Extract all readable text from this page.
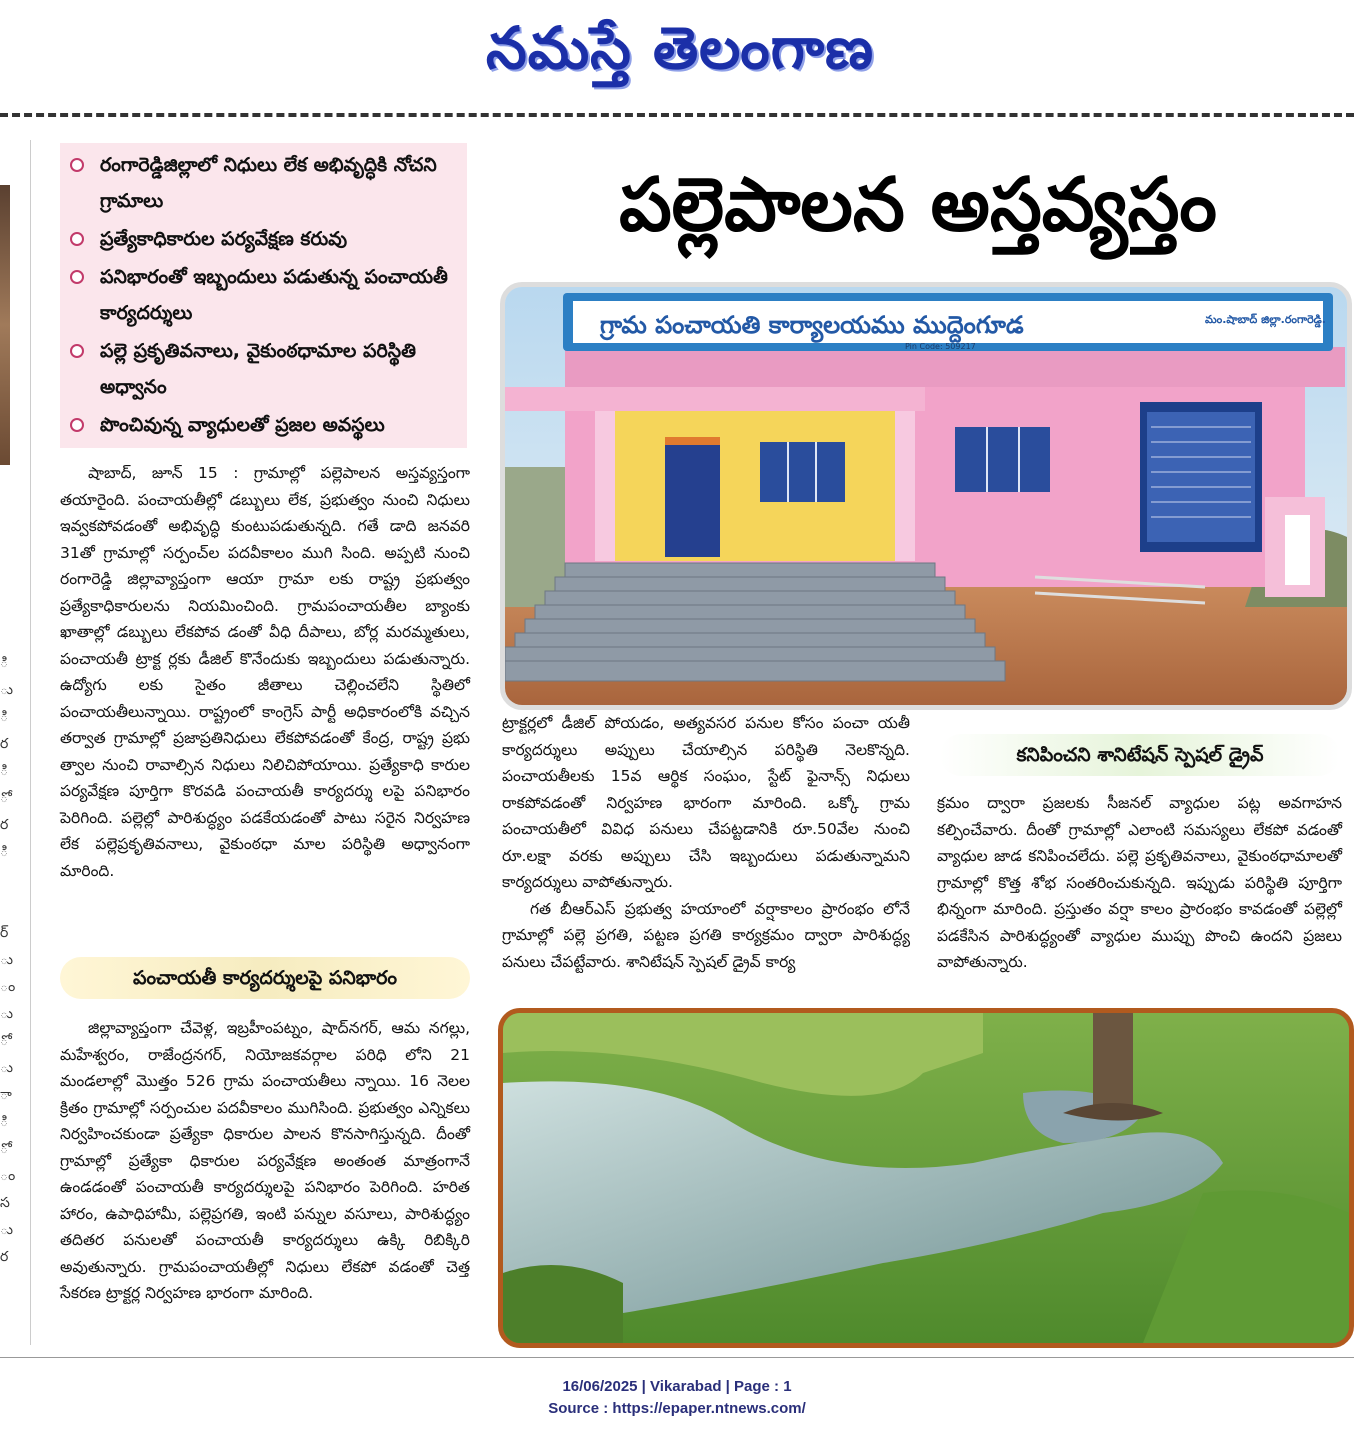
నమస్తే తెలంగాణ
ి
ు
ి
ర
ి
ో
ర
ి

ర్
ు
ం
ు
ో
ు
ా
ి
ో
ం
స
ు
ర
రంగారెడ్డిజిల్లాలో నిధులు లేక అభివృద్ధికి నోచని గ్రామాలు
ప్రత్యేకాధికారుల పర్యవేక్షణ కరువు
పనిభారంతో ఇబ్బందులు పడుతున్న పంచాయతీ కార్యదర్శులు
పల్లె ప్రకృతివనాలు, వైకుంఠధామాల పరిస్థితి అధ్వానం
పొంచివున్న వ్యాధులతో ప్రజల అవస్థలు
పల్లెపాలన అస్తవ్యస్తం
గ్రామ పంచాయతి కార్యాలయము ముద్దెంగూడ	మం.షాబాద్ జిల్లా.రంగారెడ్డి.
Pin Code: 509217

షాబాద్, జూన్ 15 : గ్రామాల్లో పల్లెపాలన అస్తవ్యస్తంగా తయారైంది. పంచాయతీల్లో డబ్బులు లేక, ప్రభుత్వం నుంచి నిధులు ఇవ్వకపోవడంతో అభివృద్ధి కుంటుపడుతున్నది. గతే డాది జనవరి 31తో గ్రామాల్లో సర్పంచ్‌ల పదవీకాలం ముగి సింది. అప్పటి నుంచి రంగారెడ్డి జిల్లావ్యాప్తంగా ఆయా గ్రామా లకు రాష్ట్ర ప్రభుత్వం ప్రత్యేకాధికారులను నియమించింది. గ్రామపంచాయతీల బ్యాంకు ఖాతాల్లో డబ్బులు లేకపోవ డంతో వీధి దీపాలు, బోర్ల మరమ్మతులు, పంచాయతీ ట్రాక్ట ర్లకు డీజిల్ కొనేందుకు ఇబ్బందులు పడుతున్నారు. ఉద్యోగు లకు సైతం జీతాలు చెల్లించలేని స్థితిలో పంచాయతీలున్నాయి. రాష్ట్రంలో కాంగ్రెస్ పార్టీ అధికారంలోకి వచ్చిన తర్వాత గ్రామాల్లో ప్రజాప్రతినిధులు లేకపోవడంతో కేంద్ర, రాష్ట్ర ప్రభు త్వాల నుంచి రావాల్సిన నిధులు నిలిచిపోయాయి. ప్రత్యేకాధి కారుల పర్యవేక్షణ పూర్తిగా కొరవడి పంచాయతీ కార్యదర్శు లపై పనిభారం పెరిగింది. పల్లెల్లో పారిశుద్ధ్యం పడకేయడంతో పాటు సరైన నిర్వహణ లేక పల్లెప్రకృతివనాలు, వైకుంఠధా మాల పరిస్థితి అధ్వానంగా మారింది.

పంచాయతీ కార్యదర్శులపై పనిభారం

జిల్లావ్యాప్తంగా చేవెళ్ల, ఇబ్రహీంపట్నం, షాద్‌నగర్, ఆమ నగల్లు, మహేశ్వరం, రాజేంద్రనగర్, నియోజకవర్గాల పరిధి లోని 21 మండలాల్లో మొత్తం 526 గ్రామ పంచాయతీలు న్నాయి. 16 నెలల క్రితం గ్రామాల్లో సర్పంచుల పదవీకాలం ముగిసింది. ప్రభుత్వం ఎన్నికలు నిర్వహించకుండా ప్రత్యేకా ధికారుల పాలన కొనసాగిస్తున్నది. దీంతో గ్రామాల్లో ప్రత్యేకా ధికారుల పర్యవేక్షణ అంతంత మాత్రంగానే ఉండడంతో పంచాయతీ కార్యదర్శులపై పనిభారం పెరిగింది. హరిత హారం, ఉపాధిహామీ, పల్లెప్రగతి, ఇంటి పన్నుల వసూలు, పారిశుద్ధ్యం తదితర పనులతో పంచాయతీ కార్యదర్శులు ఉక్కి రిబిక్కిరి అవుతున్నారు. గ్రామపంచాయతీల్లో నిధులు లేకపో వడంతో చెత్త సేకరణ ట్రాక్టర్ల నిర్వహణ భారంగా మారింది.

ట్రాక్టర్లలో డీజిల్ పోయడం, అత్యవసర పనుల కోసం పంచా యతీ కార్యదర్శులు అప్పులు చేయాల్సిన పరిస్థితి నెలకొన్నది. పంచాయతీలకు 15వ ఆర్థిక సంఘం, స్టేట్ ఫైనాన్స్ నిధులు రాకపోవడంతో నిర్వహణ భారంగా మారింది. ఒక్కో గ్రామ పంచాయతీలో వివిధ పనులు చేపట్టడానికి రూ.50వేల నుంచి రూ.లక్షా వరకు అప్పులు చేసి ఇబ్బందులు పడుతున్నామని కార్యదర్శులు వాపోతున్నారు.

గత బీఆర్‌ఎస్ ప్రభుత్వ హయాంలో వర్షాకాలం ప్రారంభం లోనే గ్రామాల్లో పల్లె ప్రగతి, పట్టణ ప్రగతి కార్యక్రమం ద్వారా పారిశుద్ధ్య పనులు చేపట్టేవారు. శానిటేషన్ స్పెషల్ డ్రైవ్ కార్య

కనిపించని శానిటేషన్ స్పెషల్ డ్రైవ్

క్రమం ద్వారా ప్రజలకు సీజనల్ వ్యాధుల పట్ల అవగాహన కల్పించేవారు. దీంతో గ్రామాల్లో ఎలాంటి సమస్యలు లేకపో వడంతో వ్యాధుల జాడ కనిపించలేదు. పల్లె ప్రకృతివనాలు, వైకుంఠధామాలతో గ్రామాల్లో కొత్త శోభ సంతరించుకున్నది. ఇప్పుడు పరిస్థితి పూర్తిగా భిన్నంగా మారింది. ప్రస్తుతం వర్షా కాలం ప్రారంభం కావడంతో పల్లెల్లో పడకేసిన పారిశుద్ధ్యంతో వ్యాధుల ముప్పు పొంచి ఉందని ప్రజలు వాపోతున్నారు.

16/06/2025 | Vikarabad | Page : 1
Source : https://epaper.ntnews.com/
